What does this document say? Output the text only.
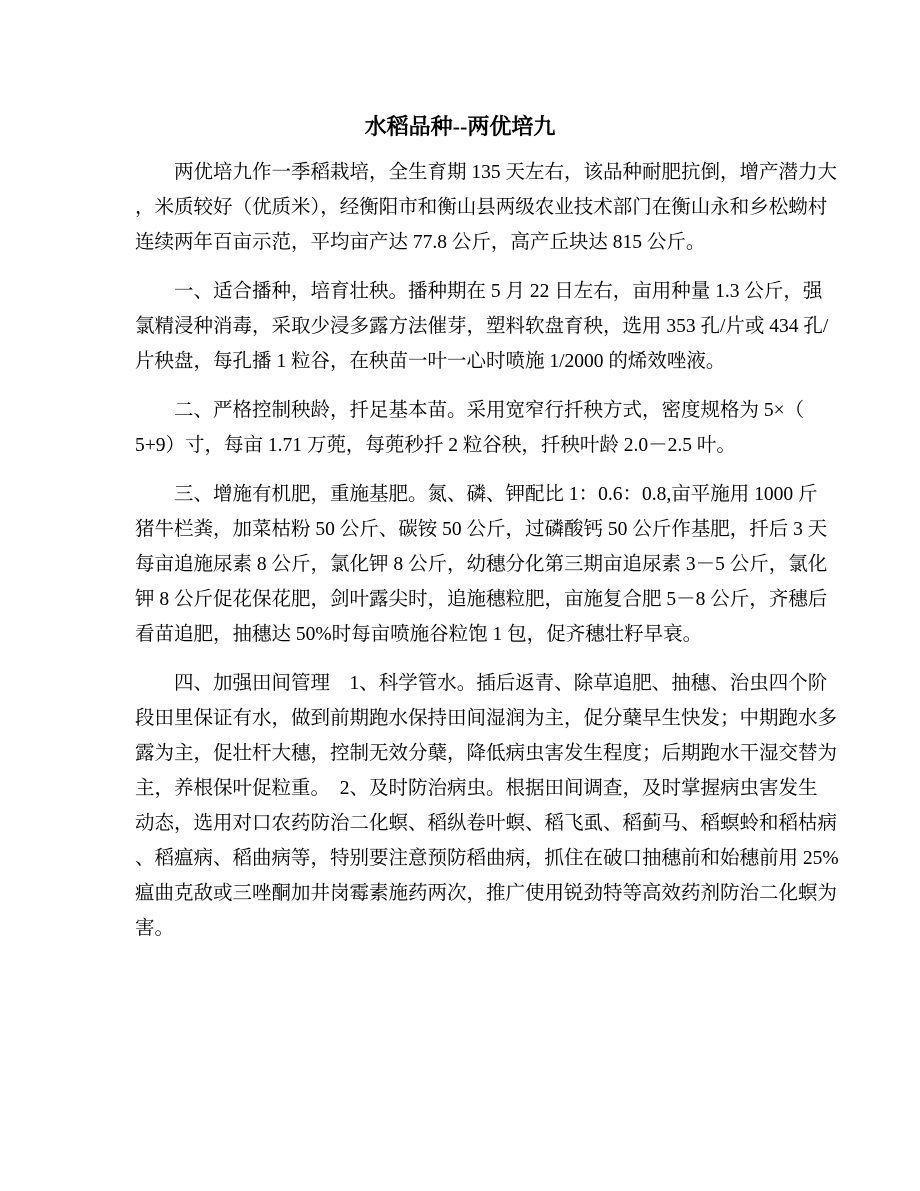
水稻品种--两优培九
　　两优培九作一季稻栽培，全生育期 135 天左右，该品种耐肥抗倒，增产潜力大
，米质较好（优质米），经衡阳市和衡山县两级农业技术部门在衡山永和乡松蚴村
连续两年百亩示范，平均亩产达 77.8 公斤，高产丘块达 815 公斤。
　　一、适合播种，培育壮秧。播种期在 5 月 22 日左右，亩用种量 1.3 公斤，强
氯精浸种消毒，采取少浸多露方法催芽，塑料软盘育秧，选用 353 孔/片或 434 孔/
片秧盘，每孔播 1 粒谷，在秧苗一叶一心时喷施 1/2000 的烯效唑液。
　　二、严格控制秧龄，扦足基本苗。采用宽窄行扦秧方式，密度规格为 5×（
5+9）寸，每亩 1.71 万蔸，每蔸秒扦 2 粒谷秧，扦秧叶龄 2.0－2.5 叶。
　　三、增施有机肥，重施基肥。氮、磷、钾配比 1：0.6：0.8,亩平施用 1000 斤
猪牛栏粪，加菜枯粉 50 公斤、碳铵 50 公斤，过磷酸钙 50 公斤作基肥，扦后 3 天
每亩追施尿素 8 公斤，氯化钾 8 公斤，幼穗分化第三期亩追尿素 3－5 公斤，氯化
钾 8 公斤促花保花肥，剑叶露尖时，追施穗粒肥，亩施复合肥 5－8 公斤，齐穗后
看苗追肥，抽穗达 50%时每亩喷施谷粒饱 1 包，促齐穗壮籽早衰。
　　四、加强田间管理　1、科学管水。插后返青、除草追肥、抽穗、治虫四个阶
段田里保证有水，做到前期跑水保持田间湿润为主，促分蘖早生快发；中期跑水多
露为主，促壮杆大穗，控制无效分蘖，降低病虫害发生程度；后期跑水干湿交替为
主，养根保叶促粒重。　2、及时防治病虫。根据田间调查，及时掌握病虫害发生
动态，选用对口农药防治二化螟、稻纵卷叶螟、稻飞虱、稻蓟马、稻螟蛉和稻枯病
、稻瘟病、稻曲病等，特别要注意预防稻曲病，抓住在破口抽穗前和始穗前用 25%
瘟曲克敌或三唑酮加井岗霉素施药两次，推广使用锐劲特等高效药剂防治二化螟为
害。
